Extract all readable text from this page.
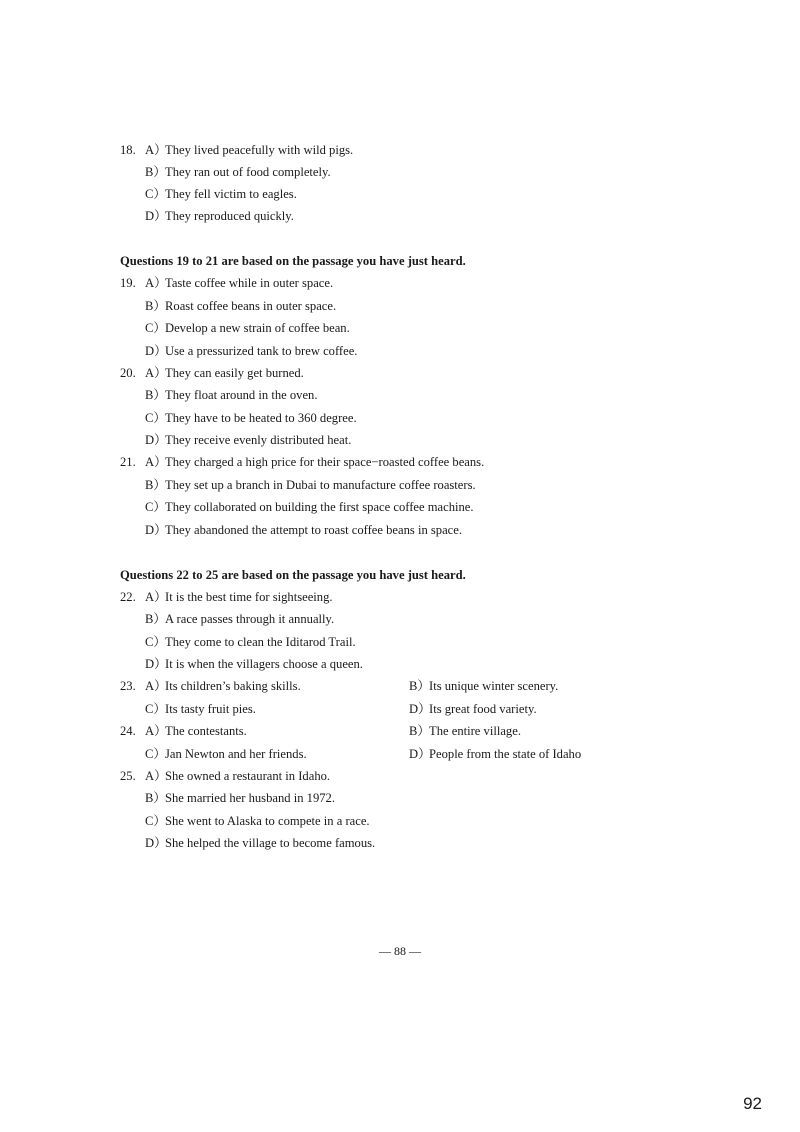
18. A）They lived peacefully with wild pigs.
B）They ran out of food completely.
C）They fell victim to eagles.
D）They reproduced quickly.
Questions 19 to 21 are based on the passage you have just heard.
19. A）Taste coffee while in outer space.
B）Roast coffee beans in outer space.
C）Develop a new strain of coffee bean.
D）Use a pressurized tank to brew coffee.
20. A）They can easily get burned.
B）They float around in the oven.
C）They have to be heated to 360 degree.
D）They receive evenly distributed heat.
21. A）They charged a high price for their space−roasted coffee beans.
B）They set up a branch in Dubai to manufacture coffee roasters.
C）They collaborated on building the first space coffee machine.
D）They abandoned the attempt to roast coffee beans in space.
Questions 22 to 25 are based on the passage you have just heard.
22. A）It is the best time for sightseeing.
B）A race passes through it annually.
C）They come to clean the Iditarod Trail.
D）It is when the villagers choose a queen.
23. A）Its children’s baking skills.	B）Its unique winter scenery.
C）Its tasty fruit pies.	D）Its great food variety.
24. A）The contestants.	B）The entire village.
C）Jan Newton and her friends.	D）People from the state of Idaho
25. A）She owned a restaurant in Idaho.
B）She married her husband in 1972.
C）She went to Alaska to compete in a race.
D）She helped the village to become famous.
— 88 —
92
